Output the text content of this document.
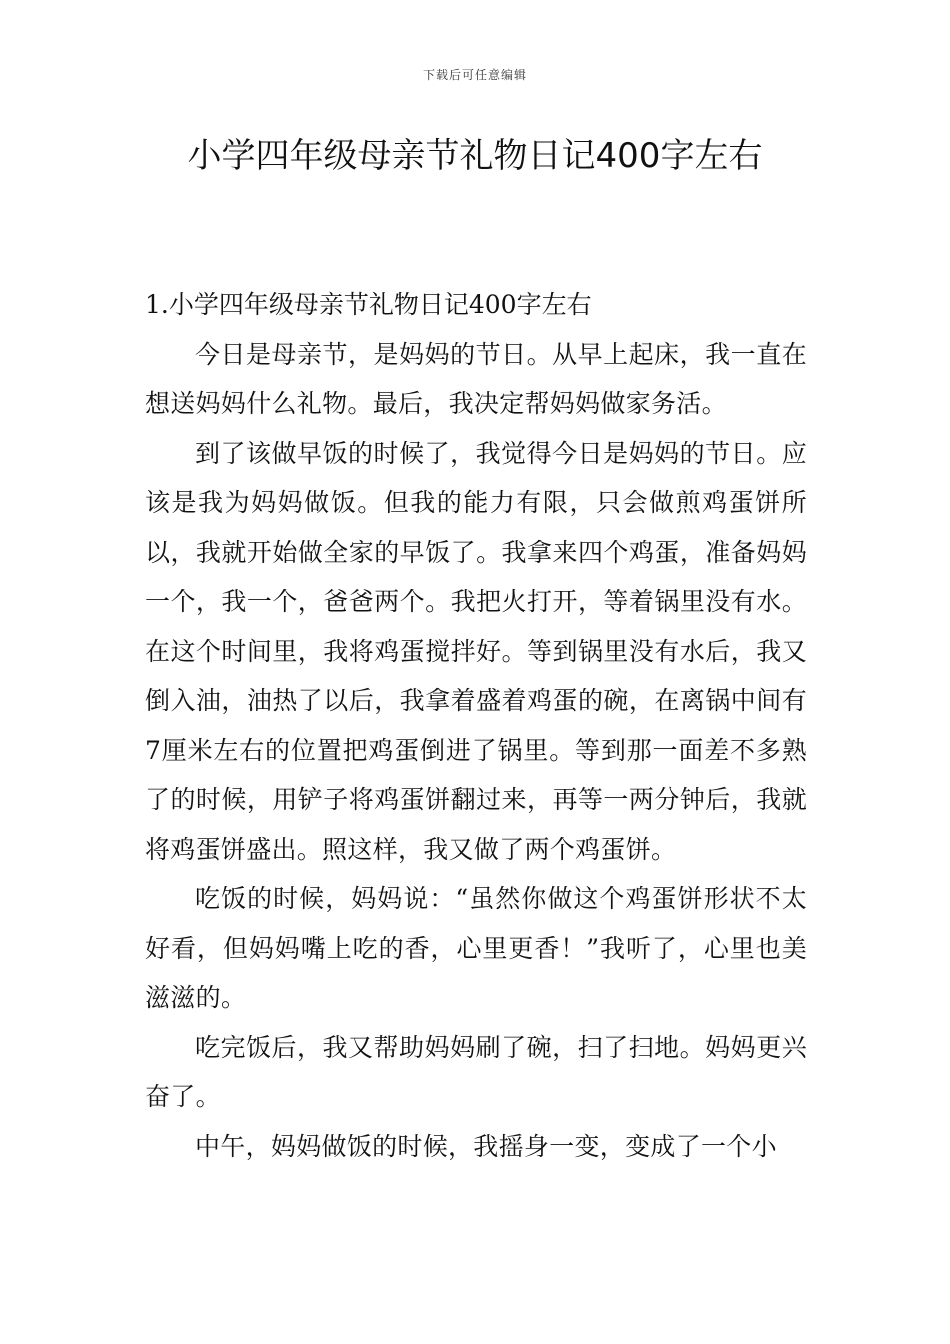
下载后可任意编辑
小学四年级母亲节礼物日记400字左右

1.小学四年级母亲节礼物日记400字左右

今日是母亲节，是妈妈的节日。从早上起床，我一直在想送妈妈什么礼物。最后，我决定帮妈妈做家务活。

到了该做早饭的时候了，我觉得今日是妈妈的节日。应该是我为妈妈做饭。但我的能力有限，只会做煎鸡蛋饼所以，我就开始做全家的早饭了。我拿来四个鸡蛋，准备妈妈一个，我一个，爸爸两个。我把火打开，等着锅里没有水。在这个时间里，我将鸡蛋搅拌好。等到锅里没有水后，我又倒入油，油热了以后，我拿着盛着鸡蛋的碗，在离锅中间有7厘米左右的位置把鸡蛋倒进了锅里。等到那一面差不多熟了的时候，用铲子将鸡蛋饼翻过来，再等一两分钟后，我就将鸡蛋饼盛出。照这样，我又做了两个鸡蛋饼。

吃饭的时候，妈妈说：“虽然你做这个鸡蛋饼形状不太好看，但妈妈嘴上吃的香，心里更香！”我听了，心里也美滋滋的。

吃完饭后，我又帮助妈妈刷了碗，扫了扫地。妈妈更兴奋了。

中午，妈妈做饭的时候，我摇身一变，变成了一个小
